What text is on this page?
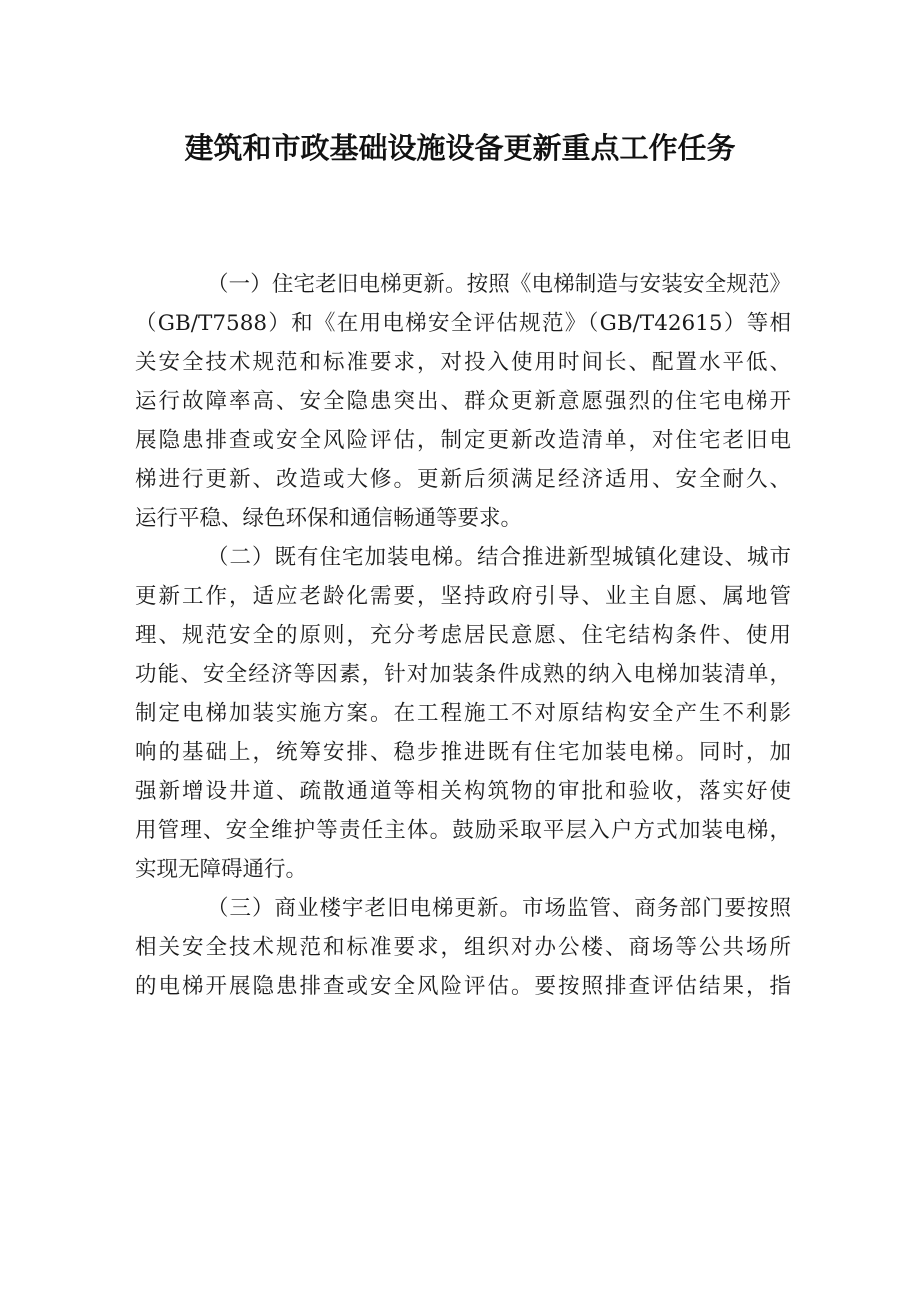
建筑和市政基础设施设备更新重点工作任务
（一）住宅老旧电梯更新。按照《电梯制造与安装安全规范》
（GB/T7588）和《在用电梯安全评估规范》（GB/T42615）等相
关安全技术规范和标准要求，对投入使用时间长、配置水平低、
运行故障率高、安全隐患突出、群众更新意愿强烈的住宅电梯开
展隐患排查或安全风险评估，制定更新改造清单，对住宅老旧电
梯进行更新、改造或大修。更新后须满足经济适用、安全耐久、
运行平稳、绿色环保和通信畅通等要求。
（二）既有住宅加装电梯。结合推进新型城镇化建设、城市
更新工作，适应老龄化需要，坚持政府引导、业主自愿、属地管
理、规范安全的原则，充分考虑居民意愿、住宅结构条件、使用
功能、安全经济等因素，针对加装条件成熟的纳入电梯加装清单，
制定电梯加装实施方案。在工程施工不对原结构安全产生不利影
响的基础上，统筹安排、稳步推进既有住宅加装电梯。同时，加
强新增设井道、疏散通道等相关构筑物的审批和验收，落实好使
用管理、安全维护等责任主体。鼓励采取平层入户方式加装电梯，
实现无障碍通行。
（三）商业楼宇老旧电梯更新。市场监管、商务部门要按照
相关安全技术规范和标准要求，组织对办公楼、商场等公共场所
的电梯开展隐患排查或安全风险评估。要按照排查评估结果，指
